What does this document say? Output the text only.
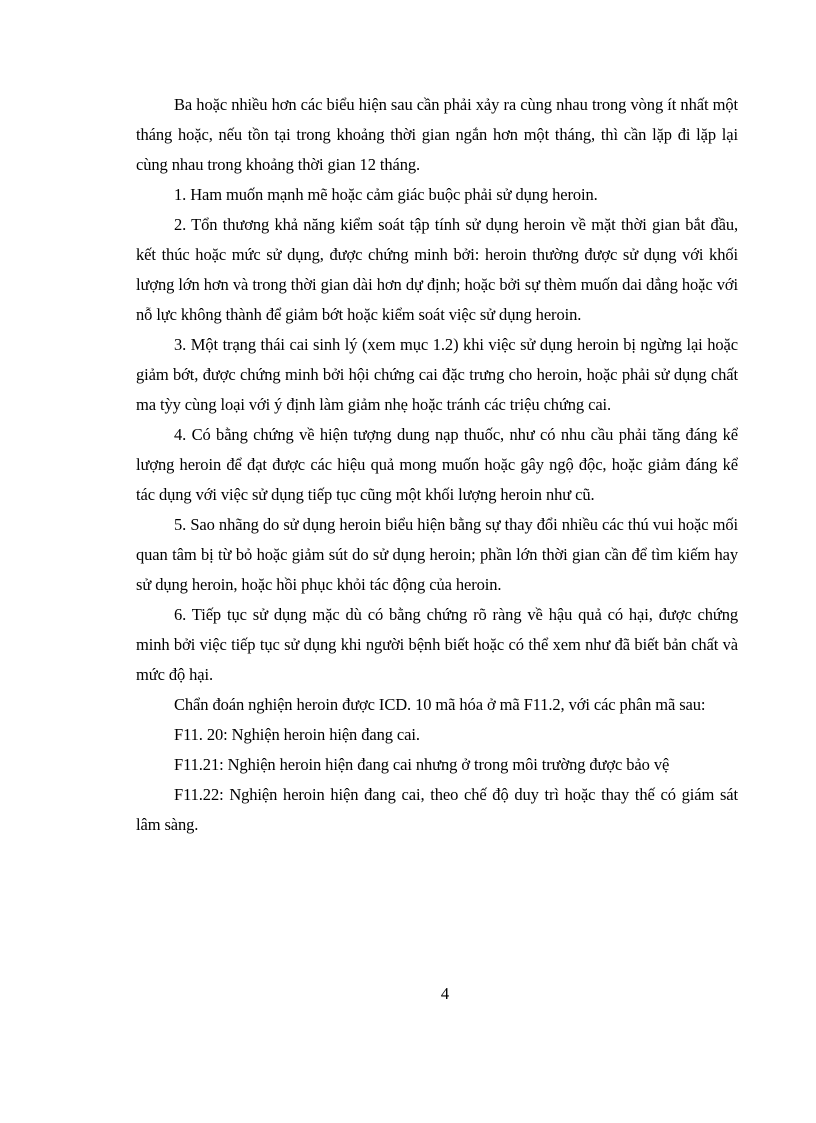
Ba hoặc nhiều hơn các biểu hiện sau cần phải xảy ra cùng nhau trong vòng ít nhất một tháng hoặc, nếu tồn tại trong khoảng thời gian ngắn hơn một tháng, thì cần lặp đi lặp lại cùng nhau trong khoảng thời gian 12 tháng.

1. Ham muốn mạnh mẽ hoặc cảm giác buộc phải sử dụng heroin.

2. Tổn thương khả năng kiểm soát tập tính sử dụng heroin về mặt thời gian bắt đầu, kết thúc hoặc mức sử dụng, được chứng minh bởi: heroin thường được sử dụng với khối lượng lớn hơn và trong thời gian dài hơn dự định; hoặc bởi sự thèm muốn dai dẳng hoặc với nỗ lực không thành để giảm bớt hoặc kiểm soát việc sử dụng heroin.

3. Một trạng thái cai sinh lý (xem mục 1.2) khi việc sử dụng heroin bị ngừng lại hoặc giảm bớt, được chứng minh bởi hội chứng cai đặc trưng cho heroin, hoặc phải sử dụng chất ma tỳy cùng loại với ý định làm giảm nhẹ hoặc tránh các triệu chứng cai.

4. Có bằng chứng về hiện tượng dung nạp thuốc, như có nhu cầu phải tăng đáng kể lượng heroin để đạt được các hiệu quả mong muốn hoặc gây ngộ độc, hoặc giảm đáng kể tác dụng với việc sử dụng tiếp tục cũng một khối lượng heroin như cũ.

5. Sao nhãng do sử dụng heroin biểu hiện bằng sự thay đổi nhiều các thú vui hoặc mối quan tâm bị từ bỏ hoặc giảm sút do sử dụng heroin; phần lớn thời gian cần để tìm kiếm hay sử dụng heroin, hoặc hồi phục khỏi tác động của heroin.

6. Tiếp tục sử dụng mặc dù có bằng chứng rõ ràng về hậu quả có hại, được chứng minh bởi việc tiếp tục sử dụng khi người bệnh biết hoặc có thể xem như đã biết bản chất và mức độ hại.

Chẩn đoán nghiện heroin được ICD. 10 mã hóa ở mã F11.2, với các phân mã sau:

F11. 20: Nghiện heroin hiện đang cai.

F11.21: Nghiện heroin hiện đang cai nhưng ở trong môi trường được bảo vệ

F11.22: Nghiện heroin hiện đang cai, theo chế độ duy trì hoặc thay thế có giám sát lâm sàng.

4
